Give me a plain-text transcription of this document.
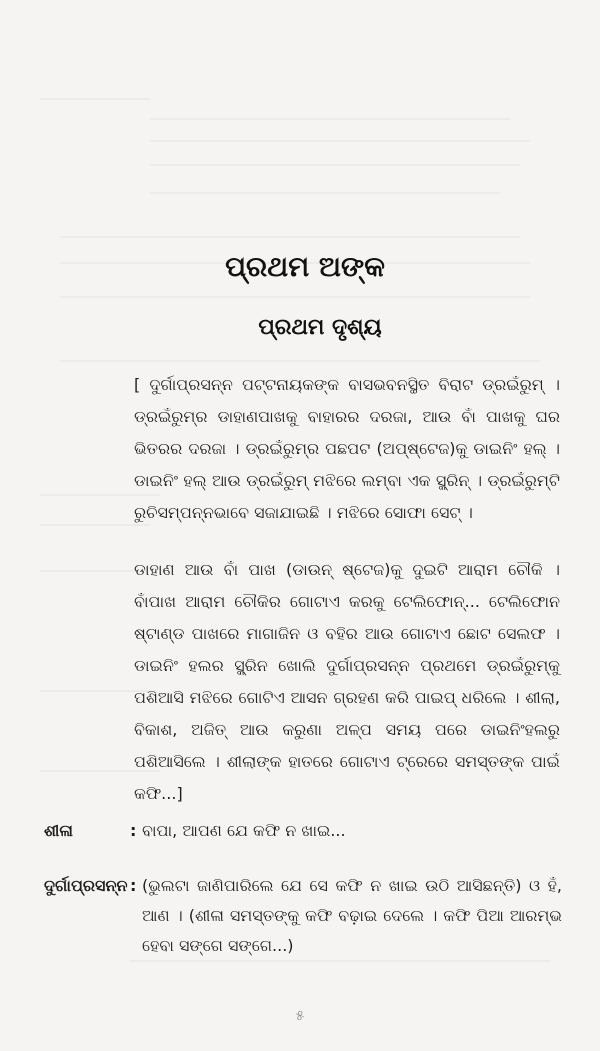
ପ୍ରଥମ ଅଙ୍କ
ପ୍ରଥମ ଦୃଶ୍ୟ

[ ଦୁର୍ଗାପ୍ରସନ୍ନ ପଟ୍ଟନାୟକଙ୍କ ବାସଭବନସ୍ଥିତ ବିରାଟ ଡ୍ରଇଁରୁମ୍ । ଡ୍ରଇଁରୁମ୍‌ର ଡାହାଣପାଖକୁ ବାହାରର ଦରଜା, ଆଉ ବାଁ ପାଖକୁ ଘର ଭିତରର ଦରଜା । ଡ୍ରଇଁରୁମ୍‌ର ପଛପଟ (ଅପ୍‌ଷ୍ଟେଜ)କୁ ଡାଇନିଂ ହଲ୍ । ଡାଇନିଂ ହଲ୍ ଆଉ ଡ୍ରଇଁରୁମ୍ ମଝିରେ ଲମ୍ବା ଏକ ସ୍କ୍ରିନ୍ । ଡ୍ରଇଁରୁମ୍‌ଟି ରୁଚିସମ୍ପନ୍ନଭାବେ ସଜାଯାଇଛି । ମଝିରେ ସୋଫା ସେଟ୍ ।

ଡାହାଣ ଆଉ ବାଁ ପାଖ (ଡାଉନ୍ ଷ୍ଟେଜ)କୁ ଦୁଇଟି ଆରାମ ଚୌକି । ବାଁପାଖ ଆରାମ ଚୌକିର ଗୋଟାଏ କରକୁ ଟେଲିଫୋନ୍... ଟେଲିଫୋନ ଷ୍ଟାଣ୍ଡ ପାଖରେ ମାଗାଜିନ ଓ ବହିର ଆଉ ଗୋଟାଏ ଛୋଟ ସେଲଫ । ଡାଇନିଂ ହଲର ସ୍କ୍ରିନ ଖୋଲି ଦୁର୍ଗାପ୍ରସନ୍ନ ପ୍ରଥମେ ଡ୍ରଇଁରୁମ୍‌କୁ ପଶିଆସି ମଝିରେ ଗୋଟିଏ ଆସନ ଗ୍ରହଣ କରି ପାଇପ୍ ଧରିଲେ । ଶୀଲା, ବିକାଶ, ଅଜିତ୍ ଆଉ କରୁଣା ଅଳ୍ପ ସମୟ ପରେ ଡାଇନିଂହଲରୁ ପଶିଆସିଲେ । ଶୀଲାଙ୍କ ହାତରେ ଗୋଟାଏ ଟ୍ରେରେ ସମସ୍ତଙ୍କ ପାଇଁ କଫି...]

ଶୀଳା	: ବାପା, ଆପଣ ଯେ କଫି ନ ଖାଇ...
ଦୁର୍ଗାପ୍ରସନ୍ନ : (ଭୁଲଟା ଜାଣିପାରିଲେ ଯେ ସେ କଫି ନ ଖାଇ ଉଠି ଆସିଛନ୍ତି) ଓ ହଁ, ଆଣ । (ଶୀଳା ସମସ୍ତଙ୍କୁ କଫି ବଢ଼ାଇ ଦେଲେ । କଫି ପିଆ ଆରମ୍ଭ ହେବା ସଙ୍ଗେ ସଙ୍ଗେ...)
୫
